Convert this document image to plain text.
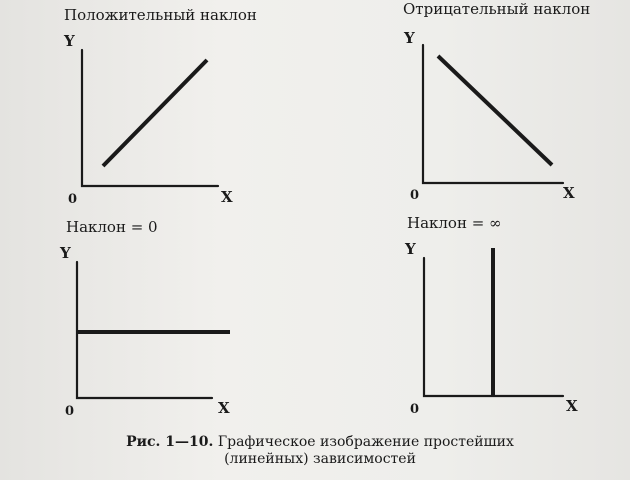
Положительный наклон	Отрицательный наклон
Наклон = 0	Наклон = ∞
Y
X
0
Y
X
0
Y
X
0
Y
X
0
Рис. 1—10. Графическое изображение простейших
(линейных) зависимостей
